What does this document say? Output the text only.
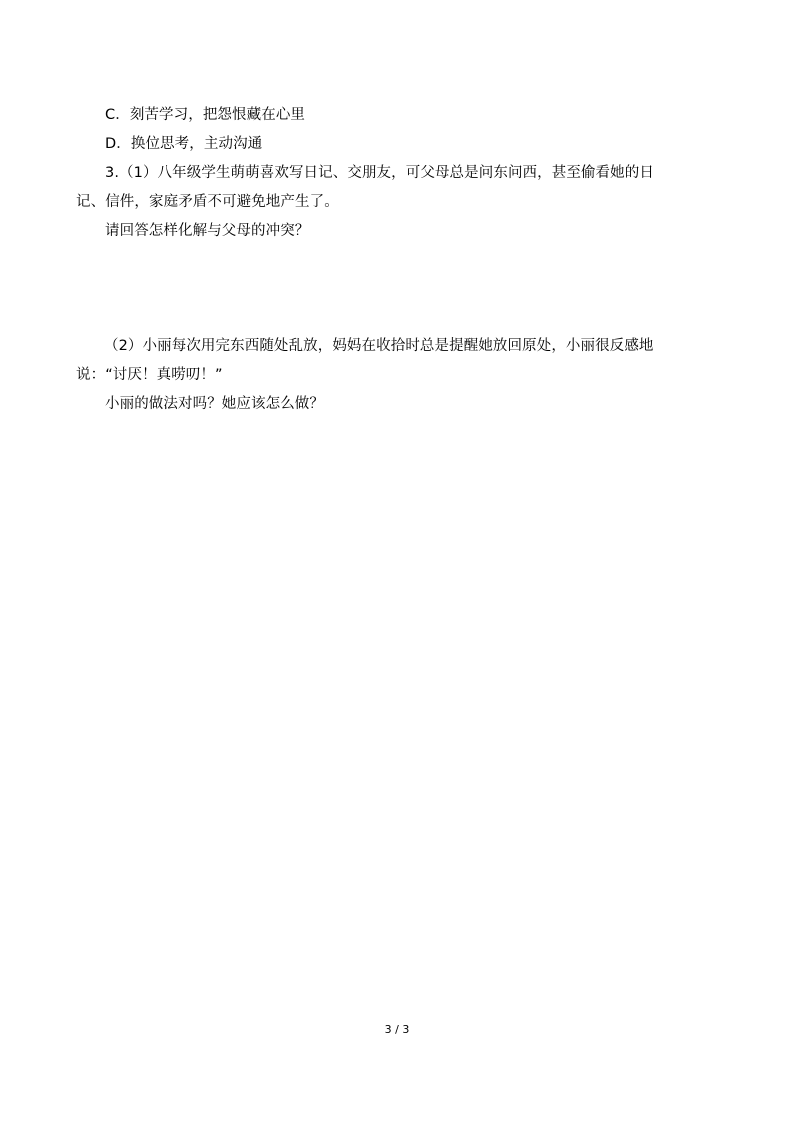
C．刻苦学习，把怨恨藏在心里
D．换位思考，主动沟通
3.（1）八年级学生萌萌喜欢写日记、交朋友，可父母总是问东问西，甚至偷看她的日
记、信件，家庭矛盾不可避免地产生了。
请回答怎样化解与父母的冲突？
（2）小丽每次用完东西随处乱放，妈妈在收拾时总是提醒她放回原处，小丽很反感地
说：“讨厌！真唠叨！”
小丽的做法对吗？她应该怎么做？
3 / 3
